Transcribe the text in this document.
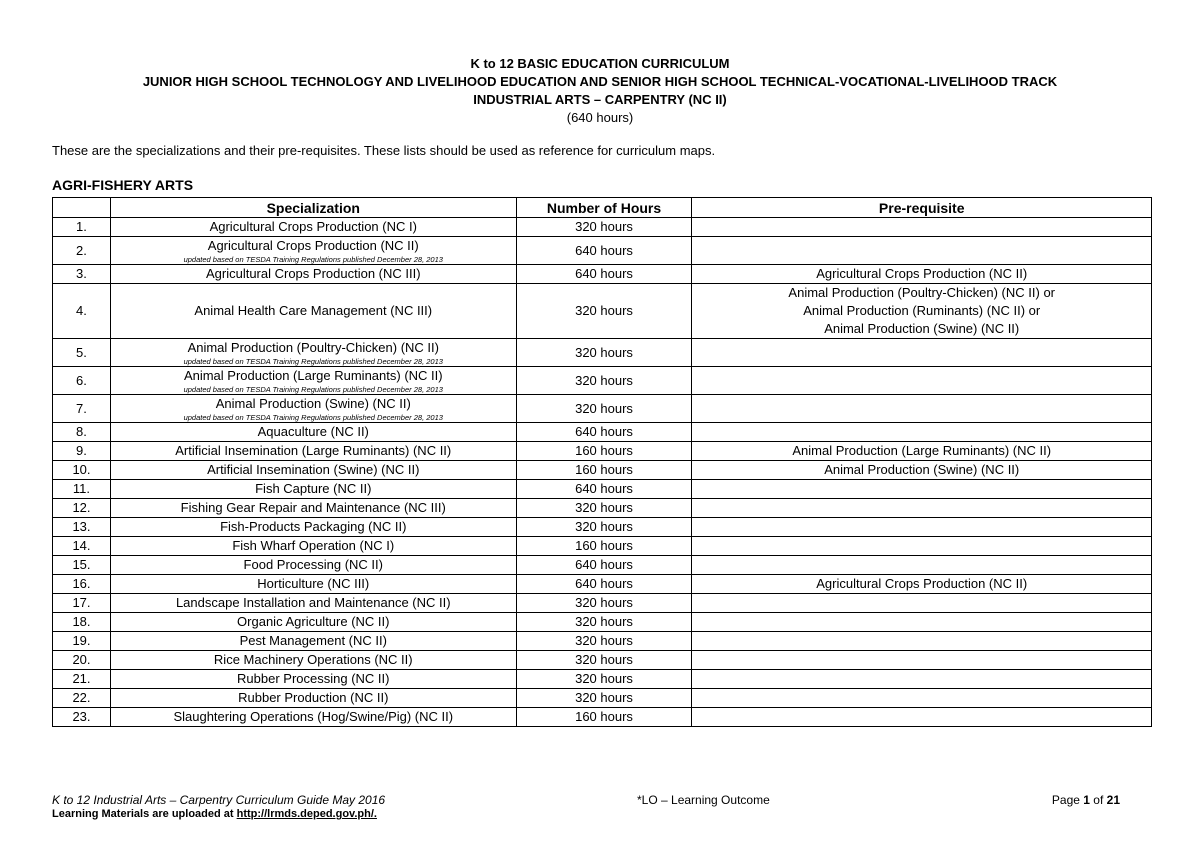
K to 12 BASIC EDUCATION CURRICULUM
JUNIOR HIGH SCHOOL TECHNOLOGY AND LIVELIHOOD EDUCATION AND SENIOR HIGH SCHOOL TECHNICAL-VOCATIONAL-LIVELIHOOD TRACK
INDUSTRIAL ARTS – CARPENTRY (NC II)
(640 hours)
These are the specializations and their pre-requisites. These lists should be used as reference for curriculum maps.
AGRI-FISHERY ARTS
	Specialization	Number of Hours	Pre-requisite
1.	Agricultural Crops Production (NC I)	320 hours	
2.	Agricultural Crops Production (NC II)
updated based on TESDA Training Regulations published December 28, 2013	640 hours	
3.	Agricultural Crops Production (NC III)	640 hours	Agricultural Crops Production (NC II)
4.	Animal Health Care Management (NC III)	320 hours	Animal Production (Poultry-Chicken) (NC II) or
Animal Production (Ruminants) (NC II) or
Animal Production (Swine) (NC II)

5.	Animal Production (Poultry-Chicken) (NC II)
updated based on TESDA Training Regulations published December 28, 2013	320 hours	
6.	Animal Production (Large Ruminants) (NC II)
updated based on TESDA Training Regulations published December 28, 2013	320 hours	
7.	Animal Production (Swine) (NC II)
updated based on TESDA Training Regulations published December 28, 2013	320 hours	
8.	Aquaculture (NC II)	640 hours	
9.	Artificial Insemination (Large Ruminants) (NC II)	160 hours	Animal Production (Large Ruminants) (NC II)
10.	Artificial Insemination (Swine) (NC II)	160 hours	Animal Production (Swine) (NC II)
11.	Fish Capture (NC II)	640 hours	
12.	Fishing Gear Repair and Maintenance (NC III)	320 hours	
13.	Fish-Products Packaging (NC II)	320 hours	
14.	Fish Wharf Operation (NC I)	160 hours	
15.	Food Processing (NC II)	640 hours	
16.	Horticulture (NC III)	640 hours	Agricultural Crops Production (NC II)
17.	Landscape Installation and Maintenance (NC II)	320 hours	
18.	Organic Agriculture (NC II)	320 hours	
19.	Pest Management (NC II)	320 hours	
20.	Rice Machinery Operations (NC II)	320 hours	
21.	Rubber Processing (NC II)	320 hours	
22.	Rubber Production (NC II)	320 hours	
23.	Slaughtering Operations (Hog/Swine/Pig) (NC II)	160 hours	
K to 12 Industrial Arts – Carpentry Curriculum Guide May 2016
Learning Materials are uploaded at http://lrmds.deped.gov.ph/.
*LO – Learning Outcome	Page 1 of 21
